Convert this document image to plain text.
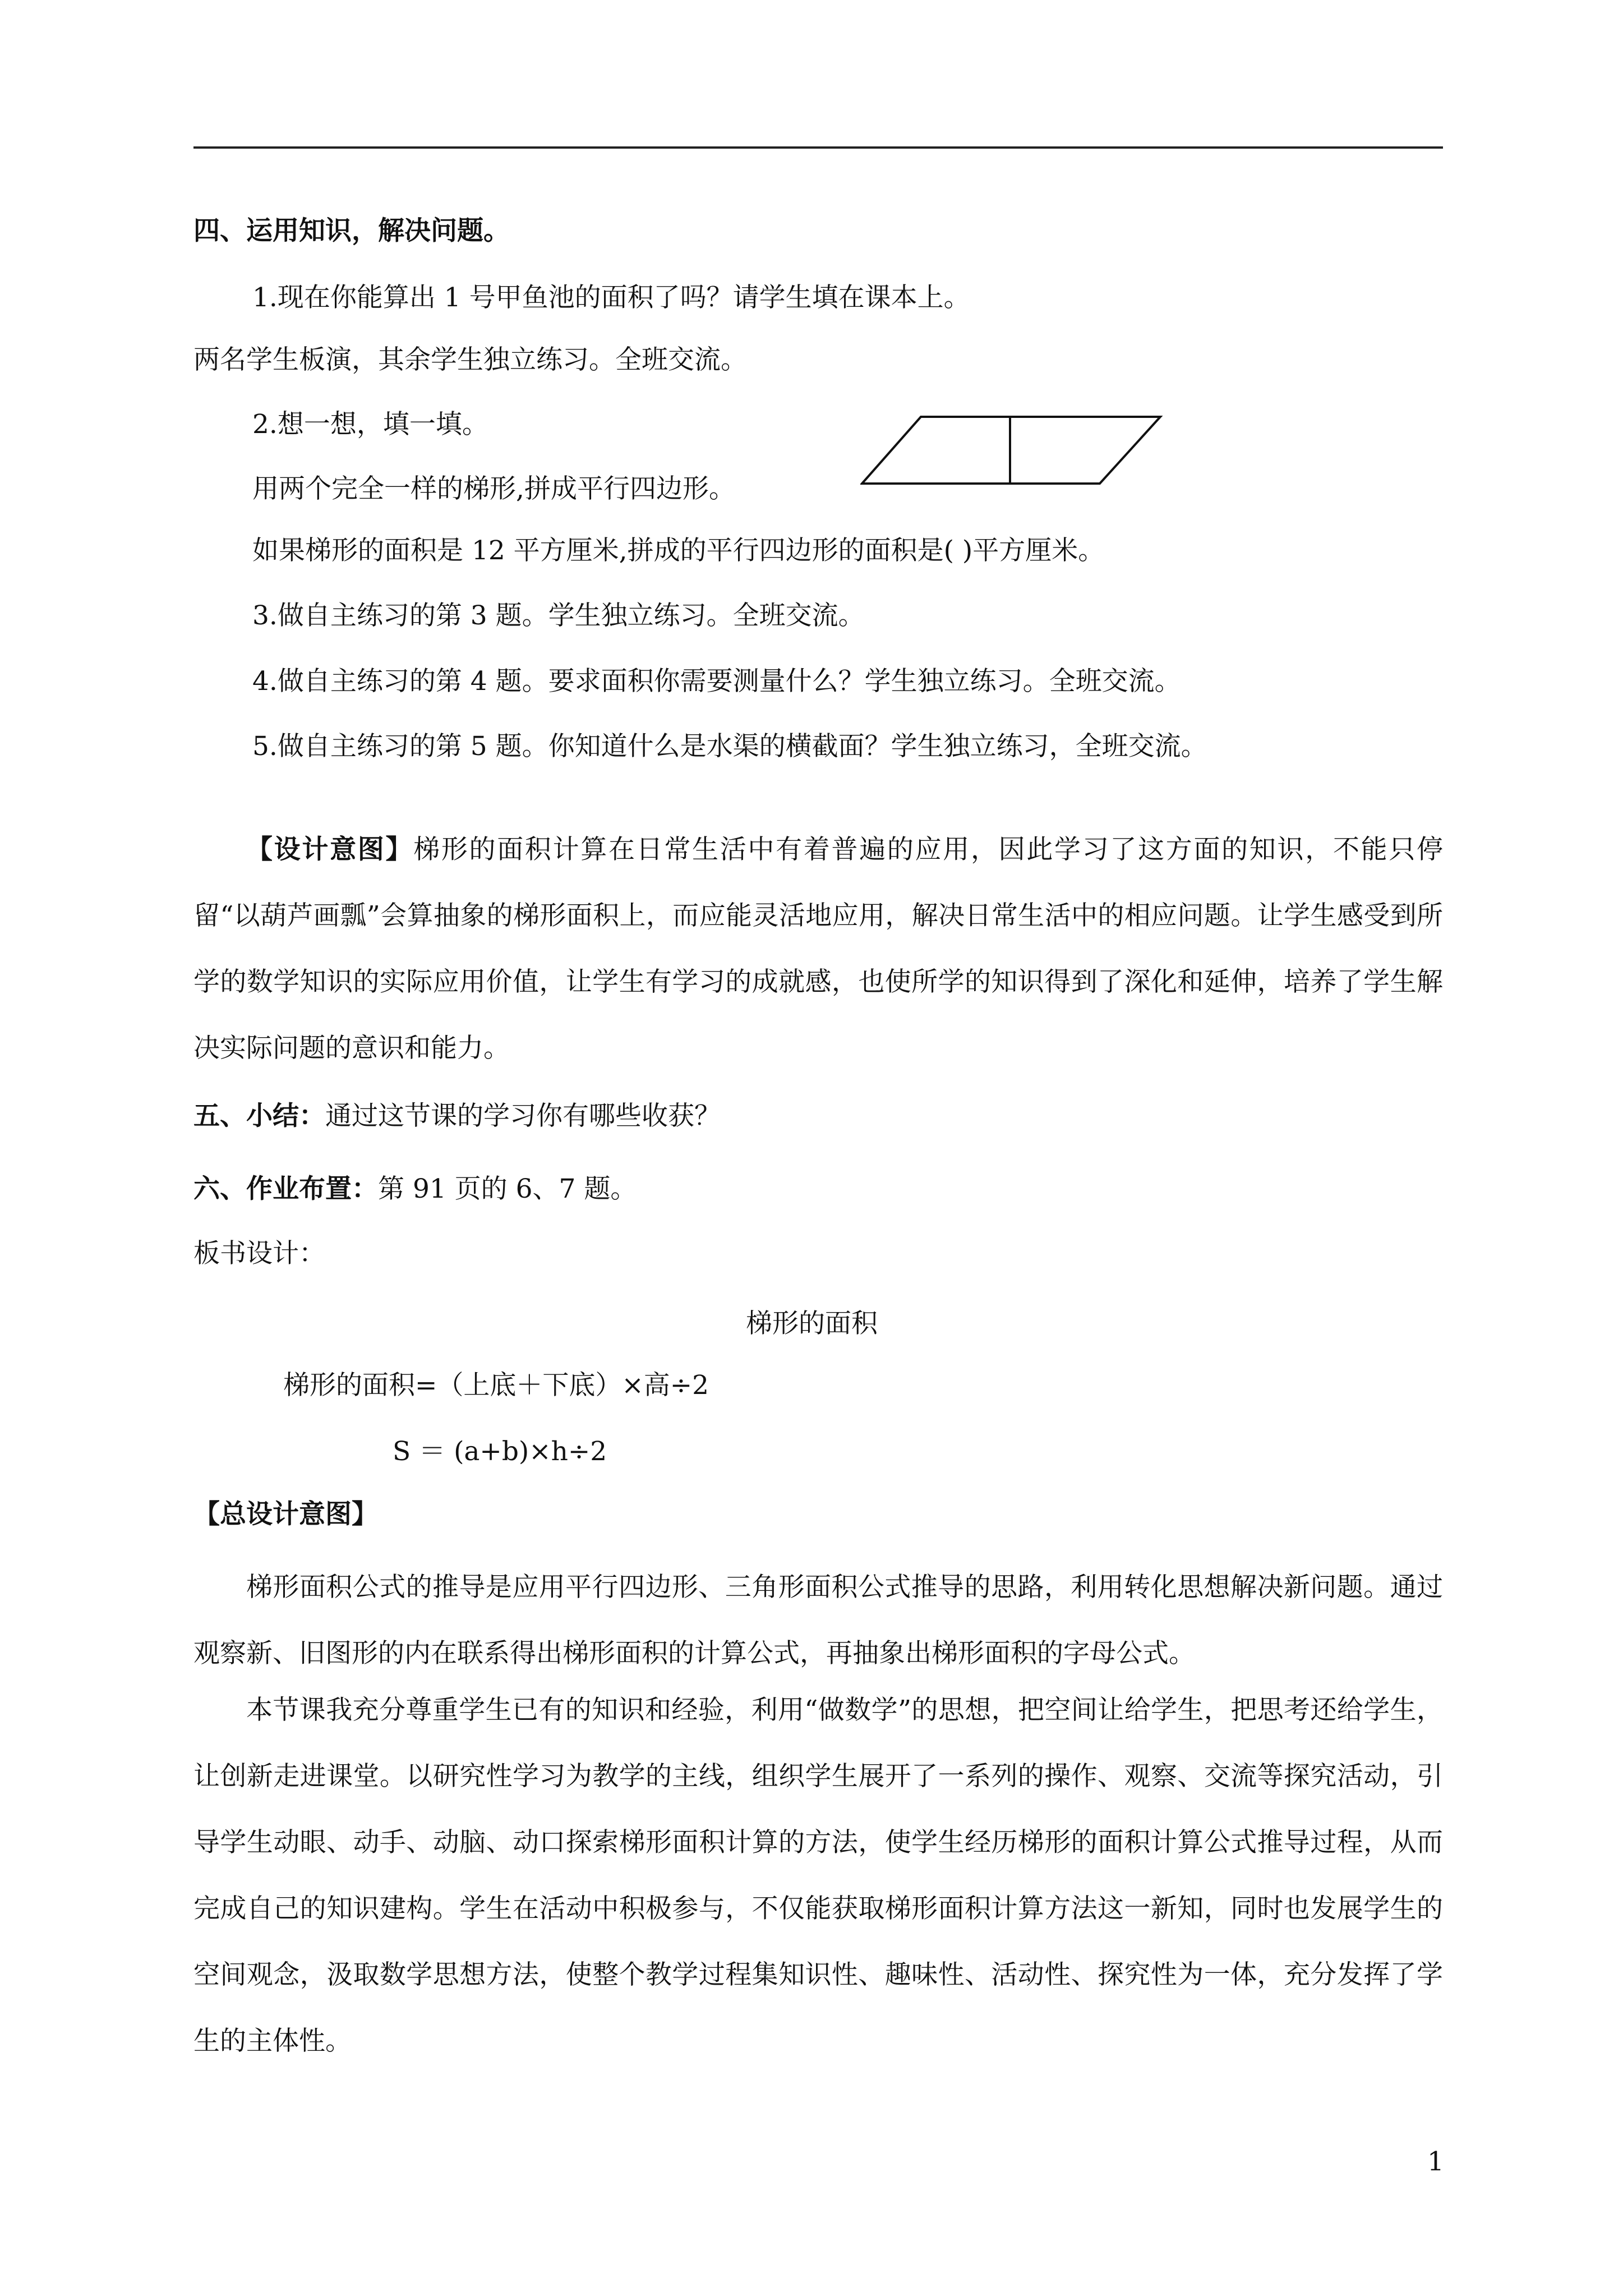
四、运用知识，解决问题。
1.现在你能算出 1 号甲鱼池的面积了吗？请学生填在课本上。
两名学生板演，其余学生独立练习。全班交流。
2.想一想，填一填。
用两个完全一样的梯形,拼成平行四边形。
如果梯形的面积是 12 平方厘米,拼成的平行四边形的面积是( )平方厘米。
3.做自主练习的第 3 题。学生独立练习。全班交流。
4.做自主练习的第 4 题。要求面积你需要测量什么？学生独立练习。全班交流。
5.做自主练习的第 5 题。你知道什么是水渠的横截面？学生独立练习，全班交流。
【设计意图】梯形的面积计算在日常生活中有着普遍的应用，因此学习了这方面的知识，不能只停留“以葫芦画瓢”会算抽象的梯形面积上，而应能灵活地应用，解决日常生活中的相应问题。让学生感受到所学的数学知识的实际应用价值，让学生有学习的成就感，也使所学的知识得到了深化和延伸，培养了学生解决实际问题的意识和能力。
五、小结：通过这节课的学习你有哪些收获？
六、作业布置：第 91 页的 6、7 题。
板书设计：
梯形的面积
梯形的面积=（上底＋下底）×高÷2
S ＝ (a+b)×h÷2
【总设计意图】
梯形面积公式的推导是应用平行四边形、三角形面积公式推导的思路，利用转化思想解决新问题。通过观察新、旧图形的内在联系得出梯形面积的计算公式，再抽象出梯形面积的字母公式。
本节课我充分尊重学生已有的知识和经验，利用“做数学”的思想，把空间让给学生，把思考还给学生，让创新走进课堂。以研究性学习为教学的主线，组织学生展开了一系列的操作、观察、交流等探究活动，引导学生动眼、动手、动脑、动口探索梯形面积计算的方法，使学生经历梯形的面积计算公式推导过程，从而完成自己的知识建构。学生在活动中积极参与，不仅能获取梯形面积计算方法这一新知，同时也发展学生的空间观念，汲取数学思想方法，使整个教学过程集知识性、趣味性、活动性、探究性为一体，充分发挥了学生的主体性。
1
